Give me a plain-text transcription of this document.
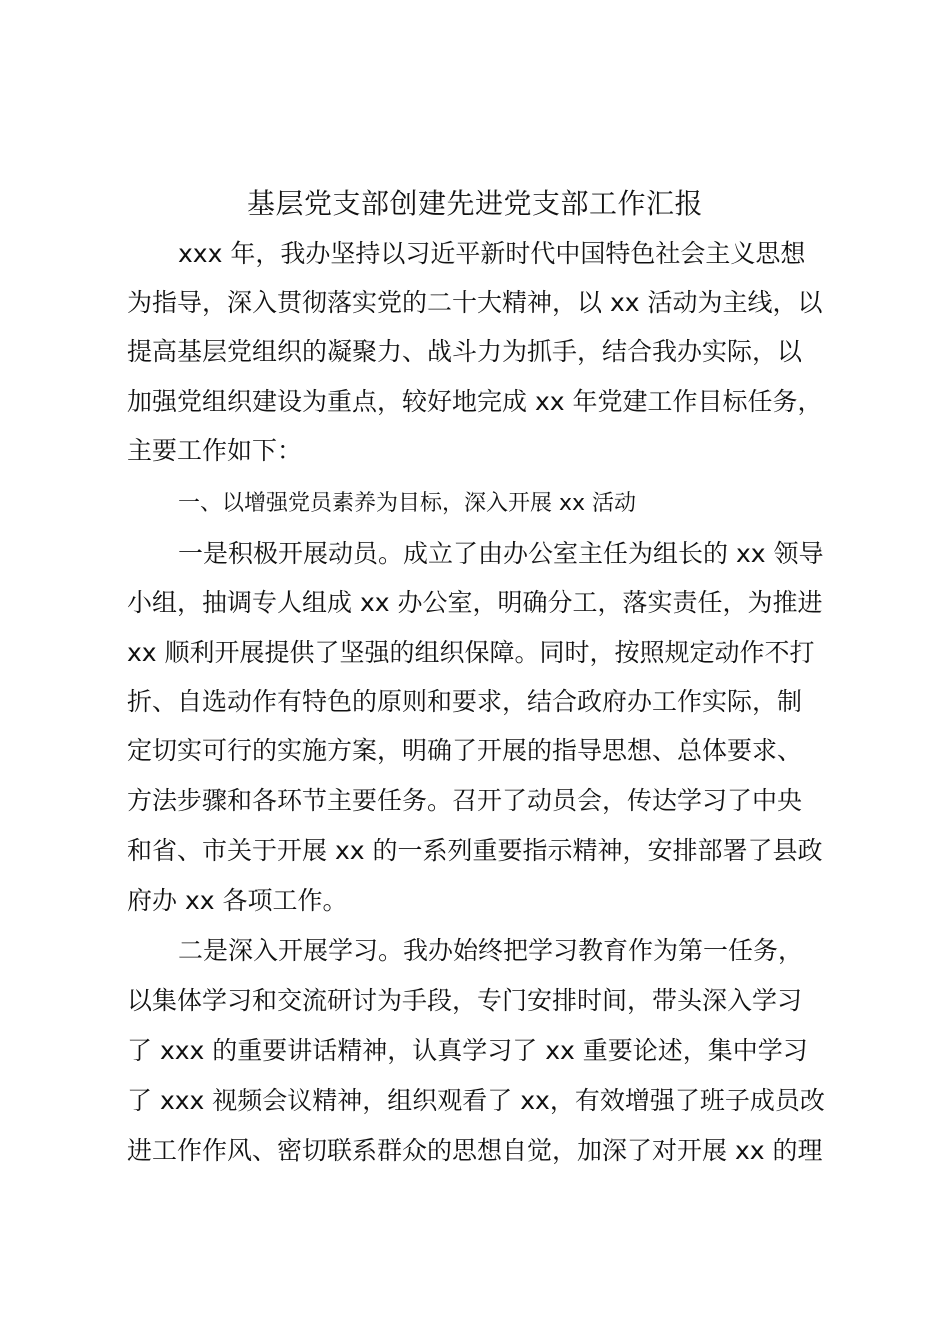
基层党支部创建先进党支部工作汇报
xxx 年，我办坚持以习近平新时代中国特色社会主义思想
为指导，深入贯彻落实党的二十大精神，以 xx 活动为主线，以
提高基层党组织的凝聚力、战斗力为抓手，结合我办实际，以
加强党组织建设为重点，较好地完成 xx 年党建工作目标任务，
主要工作如下：
一、以增强党员素养为目标，深入开展 xx 活动
一是积极开展动员。成立了由办公室主任为组长的 xx 领导
小组，抽调专人组成 xx 办公室，明确分工，落实责任，为推进
xx 顺利开展提供了坚强的组织保障。同时，按照规定动作不打
折、自选动作有特色的原则和要求，结合政府办工作实际，制
定切实可行的实施方案，明确了开展的指导思想、总体要求、
方法步骤和各环节主要任务。召开了动员会，传达学习了中央
和省、市关于开展 xx 的一系列重要指示精神，安排部署了县政
府办 xx 各项工作。
二是深入开展学习。我办始终把学习教育作为第一任务，
以集体学习和交流研讨为手段，专门安排时间，带头深入学习
了 xxx 的重要讲话精神，认真学习了 xx 重要论述，集中学习
了 xxx 视频会议精神，组织观看了 xx，有效增强了班子成员改
进工作作风、密切联系群众的思想自觉，加深了对开展 xx 的理
